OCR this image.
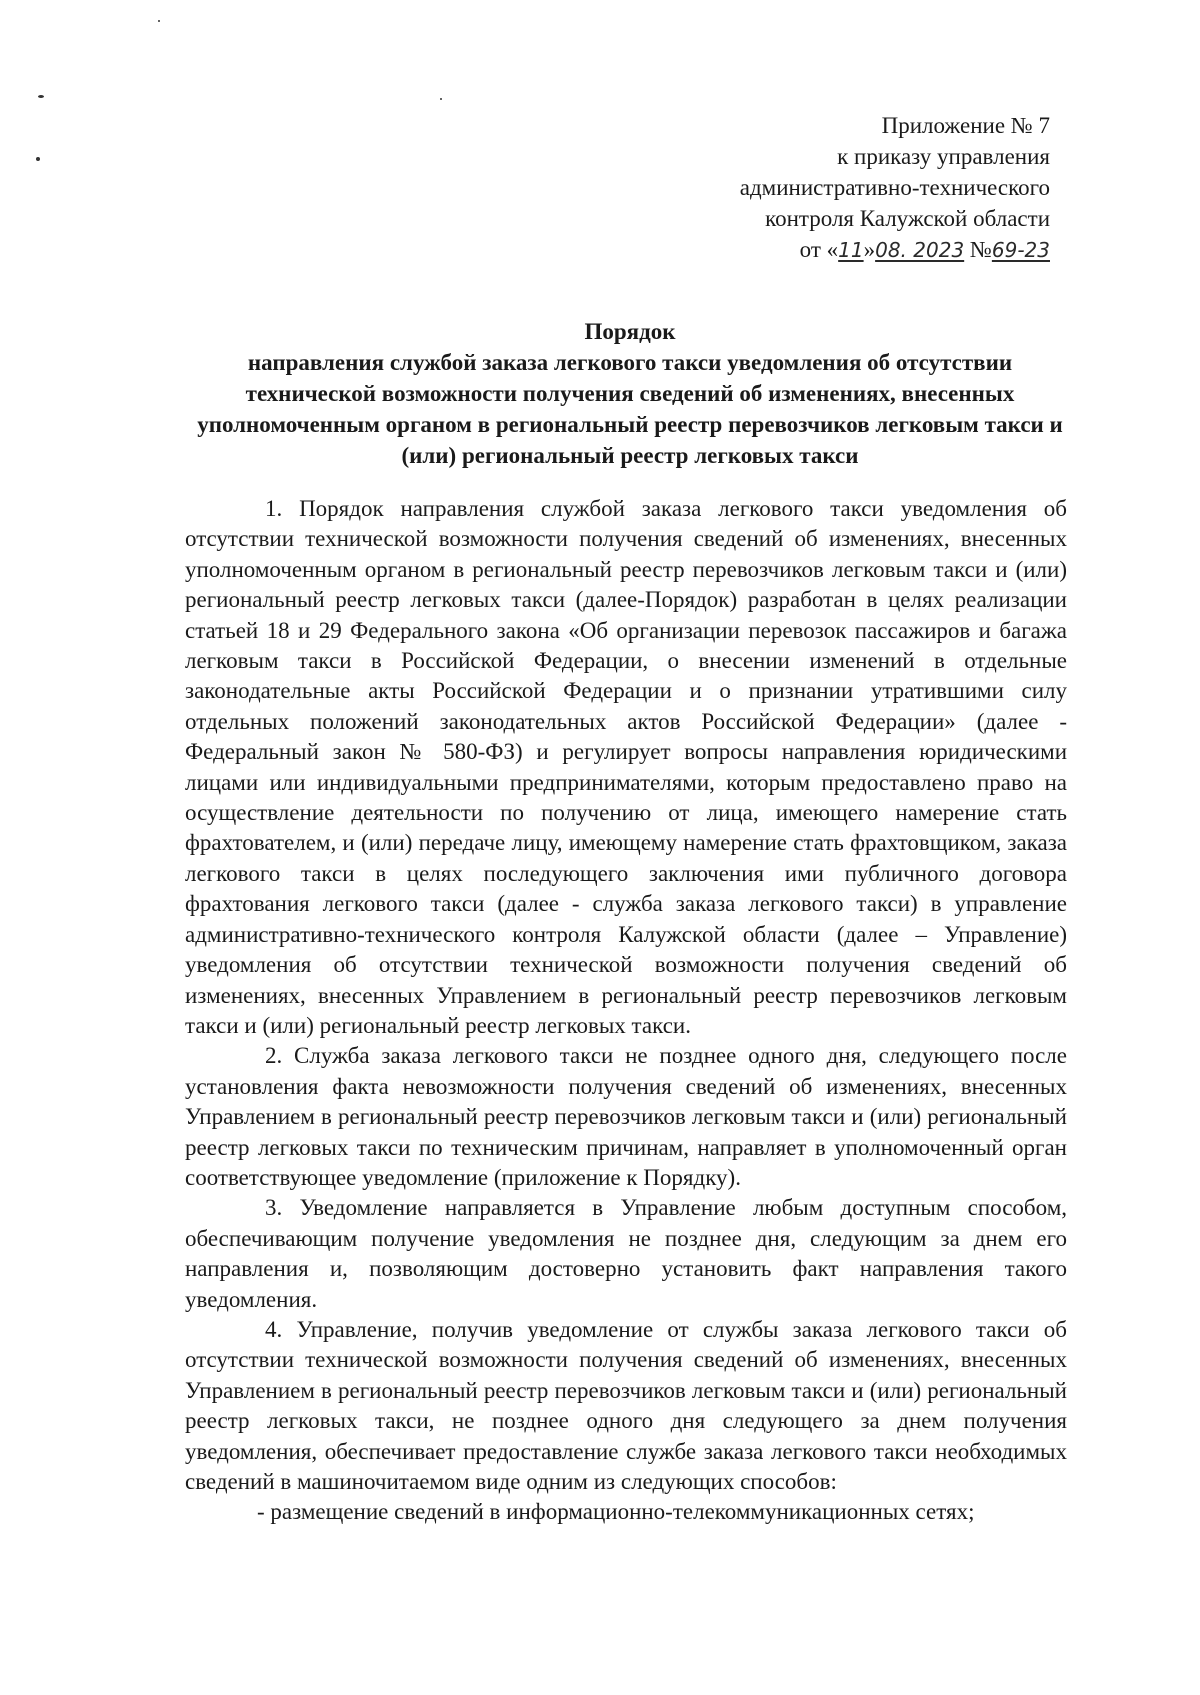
Приложение № 7
к приказу управления
административно-технического
контроля Калужской области
от «11»08. 2023 №69-23
Порядок
направления службой заказа легкового такси уведомления об отсутствии технической возможности получения сведений об изменениях, внесенных уполномоченным органом в региональный реестр перевозчиков легковым такси и (или) региональный реестр легковых такси

1. Порядок направления службой заказа легкового такси уведомления об отсутствии технической возможности получения сведений об изменениях, внесенных уполномоченным органом в региональный реестр перевозчиков легковым такси и (или) региональный реестр легковых такси (далее-Порядок) разработан в целях реализации статьей 18 и 29 Федерального закона «Об организации перевозок пассажиров и багажа легковым такси в Российской Федерации, о внесении изменений в отдельные законодательные акты Российской Федерации и о признании утратившими силу отдельных положений законодательных актов Российской Федерации» (далее - Федеральный закон № 580-ФЗ) и регулирует вопросы направления юридическими лицами или индивидуальными предпринимателями, которым предоставлено право на осуществление деятельности по получению от лица, имеющего намерение стать фрахтователем, и (или) передаче лицу, имеющему намерение стать фрахтовщиком, заказа легкового такси в целях последующего заключения ими публичного договора фрахтования легкового такси (далее - служба заказа легкового такси) в управление административно-технического контроля Калужской области (далее – Управление) уведомления об отсутствии технической возможности получения сведений об изменениях, внесенных Управлением в региональный реестр перевозчиков легковым такси и (или) региональный реестр легковых такси.

2. Служба заказа легкового такси не позднее одного дня, следующего после установления факта невозможности получения сведений об изменениях, внесенных Управлением в региональный реестр перевозчиков легковым такси и (или) региональный реестр легковых такси по техническим причинам, направляет в уполномоченный орган соответствующее уведомление (приложение к Порядку).

3. Уведомление направляется в Управление любым доступным способом, обеспечивающим получение уведомления не позднее дня, следующим за днем его направления и, позволяющим достоверно установить факт направления такого уведомления.

4. Управление, получив уведомление от службы заказа легкового такси об отсутствии технической возможности получения сведений об изменениях, внесенных Управлением в региональный реестр перевозчиков легковым такси и (или) региональный реестр легковых такси, не позднее одного дня следующего за днем получения уведомления, обеспечивает предоставление службе заказа легкового такси необходимых сведений в машиночитаемом виде одним из следующих способов:

- размещение сведений в информационно-телекоммуникационных сетях;
